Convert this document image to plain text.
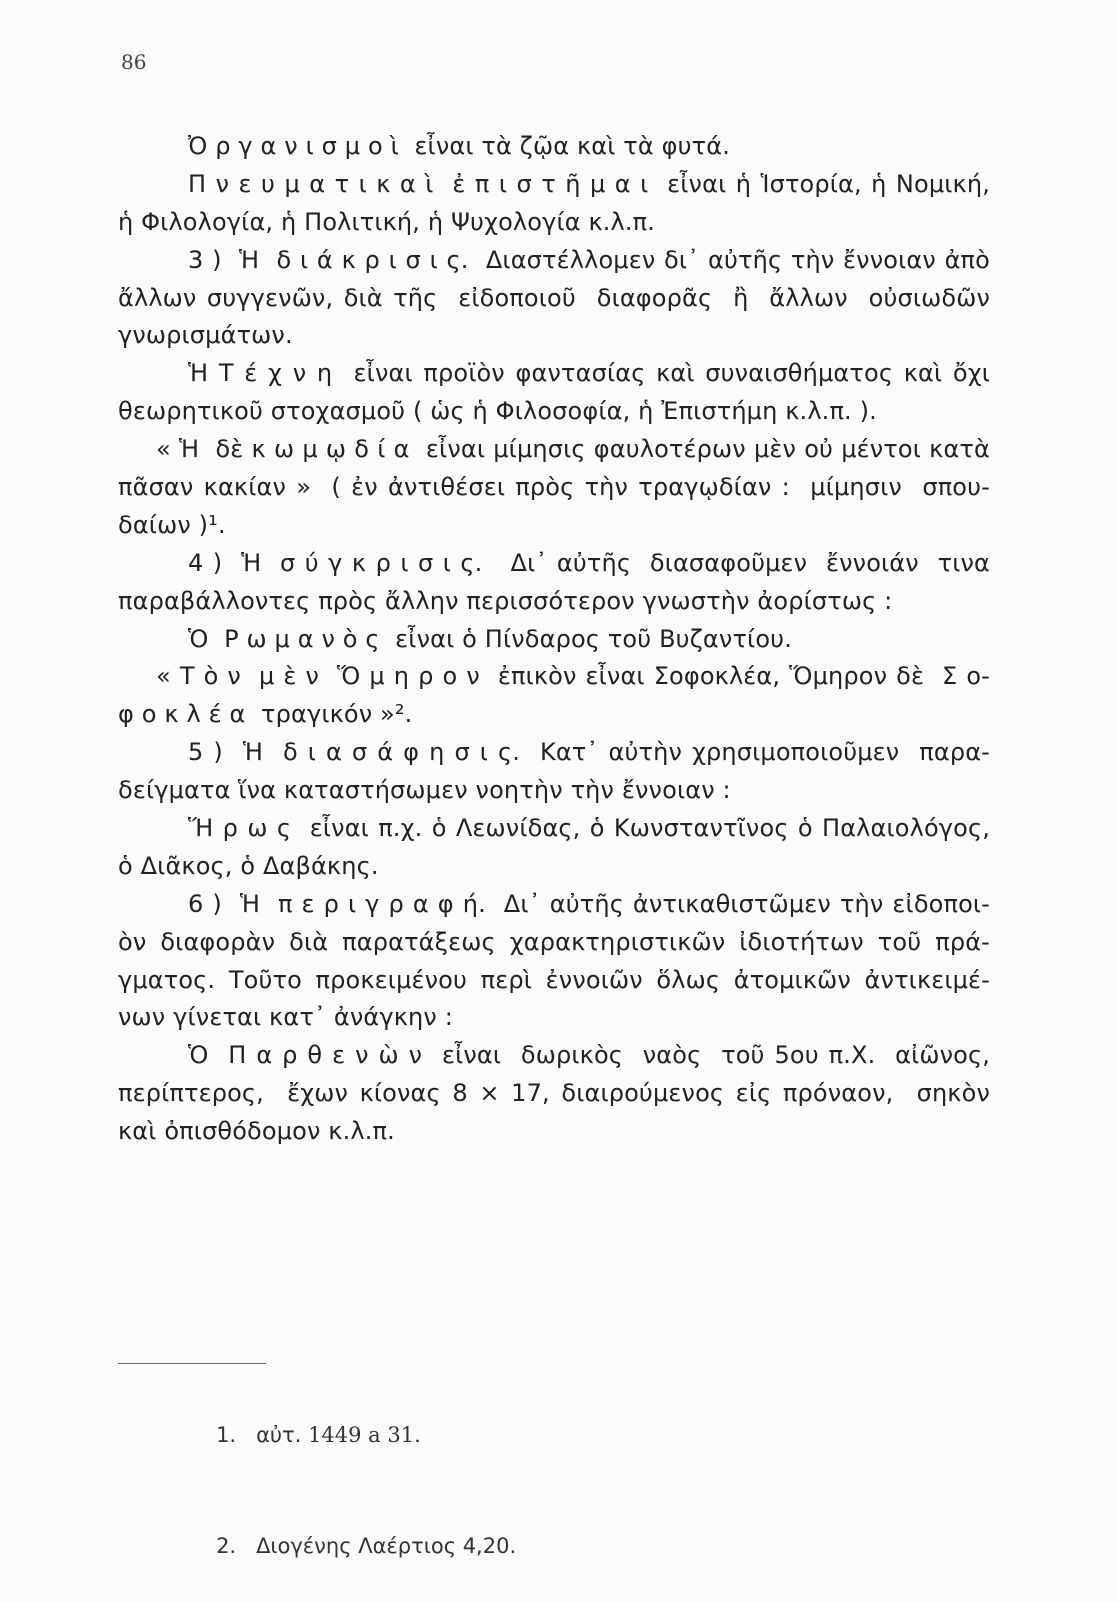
86
Ὀ ρ γ α ν ι σ μ ο ὶ  εἶναι τὰ ζῷα καὶ τὰ φυτά.
Π ν ε υ μ α τ ι κ α ὶ  ἐ π ι σ τ ῆ μ α ι  εἶναι ἡ Ἱστορία, ἡ Νομική,
ἡ Φιλολογία, ἡ Πολιτική, ἡ Ψυχολογία κ.λ.π.
3 )  Ἡ  δ ι ά κ ρ ι σ ι ς.  Διαστέλλομεν δι᾽ αὐτῆς τὴν ἔννοιαν ἀπὸ
ἄλλων συγγενῶν, διὰ τῆς  εἰδοποιοῦ  διαφορᾶς  ἢ  ἄλλων  οὐσιωδῶν
γνωρισμάτων.
Ἡ Τ έ χ ν η  εἶναι προϊὸν φαντασίας καὶ συναισθήματος καὶ ὄχι
θεωρητικοῦ στοχασμοῦ ( ὡς ἡ Φιλοσοφία, ἡ Ἐπιστήμη κ.λ.π. ).
« Ἡ  δὲ κ ω μ ῳ δ ί α  εἶναι μίμησις φαυλοτέρων μὲν οὐ μέντοι κατὰ
πᾶσαν κακίαν »  ( ἐν ἀντιθέσει πρὸς τὴν τραγῳδίαν :  μίμησιν  σπου-
δαίων )¹.
4 )  Ἡ  σ ύ γ κ ρ ι σ ι ς.   Δι᾽ αὐτῆς  διασαφοῦμεν  ἔννοιάν  τινα
παραβάλλοντες πρὸς ἄλλην περισσότερον γνωστὴν ἀορίστως :
Ὁ  Ρ ω μ α ν ὸ ς  εἶναι ὁ Πίνδαρος τοῦ Βυζαντίου.
« Τ ὸ ν  μ ὲ ν  Ὅ μ η ρ ο ν  ἐπικὸν εἶναι Σοφοκλέα, Ὅμηρον δὲ  Σ ο-
φ ο κ λ έ α  τραγικόν »².
5 )  Ἡ  δ ι α σ ά φ η σ ι ς.  Κατ᾽ αὐτὴν χρησιμοποιοῦμεν  παρα-
δείγματα ἵνα καταστήσωμεν νοητὴν τὴν ἔννοιαν :
Ἥ ρ ω ς  εἶναι π.χ. ὁ Λεωνίδας, ὁ Κωνσταντῖνος ὁ Παλαιολόγος,
ὁ Διᾶκος, ὁ Δαβάκης.
6 )  Ἡ  π ε ρ ι γ ρ α φ ή.  Δι᾽ αὐτῆς ἀντικαθιστῶμεν τὴν εἰδοποι-
ὸν διαφορὰν διὰ παρατάξεως χαρακτηριστικῶν ἰδιοτήτων τοῦ πρά-
γματος. Τοῦτο προκειμένου περὶ ἐννοιῶν ὅλως ἀτομικῶν ἀντικειμέ-
νων γίνεται κατ᾽ ἀνάγκην :
Ὁ  Π α ρ θ ε ν ὼ ν  εἶναι  δωρικὸς  ναὸς  τοῦ 5ου π.Χ.  αἰῶνος,
περίπτερος,  ἔχων κίονας 8 × 17, διαιρούμενος εἰς πρόναον,  σηκὸν
καὶ ὀπισθόδομον κ.λ.π.

1. αὐτ. 1449 a 31.

2. Διογένης Λαέρτιος 4,20.
